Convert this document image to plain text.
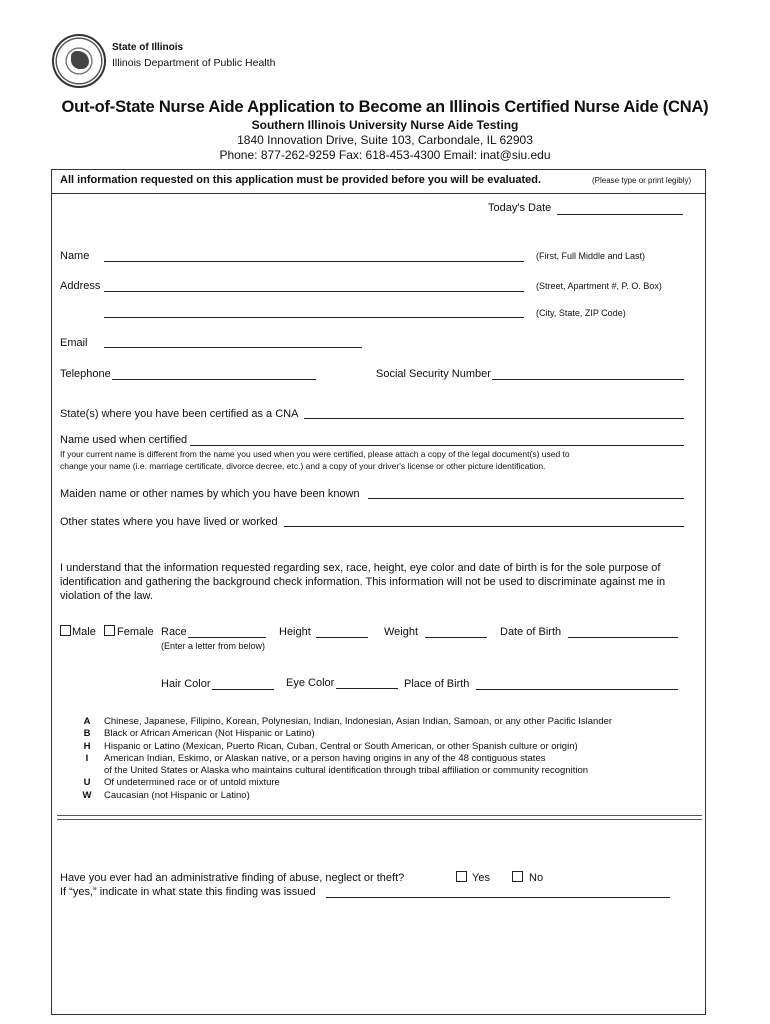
State of Illinois
Illinois Department of Public Health
Out-of-State Nurse Aide Application to Become an Illinois Certified Nurse Aide (CNA)
Southern Illinois University Nurse Aide Testing
1840 Innovation Drive, Suite 103, Carbondale, IL 62903
Phone: 877-262-9259 Fax: 618-453-4300 Email: inat@siu.edu
All information requested on this application must be provided before you will be evaluated.	(Please type or print legibly)
Today's Date
Name	(First, Full Middle and Last)
Address	(Street, Apartment #, P. O. Box)
(City, State, ZIP Code)
Email
Telephone	Social Security Number
State(s) where you have been certified as a CNA
Name used when certified
If your current name is different from the name you used when you were certified, please attach a copy of the legal document(s) used to
change your name (i.e. marriage certificate, divorce decree, etc.) and a copy of your driver's license or other picture identification.
Maiden name or other names by which you have been known
Other states where you have lived or worked
I understand that the information requested regarding sex, race, height, eye color and date of birth is for the sole purpose of
identification and gathering the background check information. This information will not be used to discriminate against me in
violation of the law.
Male Female Race
(Enter a letter from below)
Height	Weight	Date of Birth
Hair Color	Eye Color	Place of Birth
A	Chinese, Japanese, Filipino, Korean, Polynesian, Indian, Indonesian, Asian Indian, Samoan, or any other Pacific Islander
B	Black or African American (Not Hispanic or Latino)
H	Hispanic or Latino (Mexican, Puerto Rican, Cuban, Central or South American, or other Spanish culture or origin)
I	American Indian, Eskimo, or Alaskan native, or a person having origins in any of the 48 contiguous states
of the United States or Alaska who maintains cultural identification through tribal affiliation or community recognition
U	Of undetermined race or of untold mixture
W Caucasian (not Hispanic or Latino)
Have you ever had an administrative finding of abuse, neglect or theft?	Yes	No
If “yes,” indicate in what state this finding was issued
